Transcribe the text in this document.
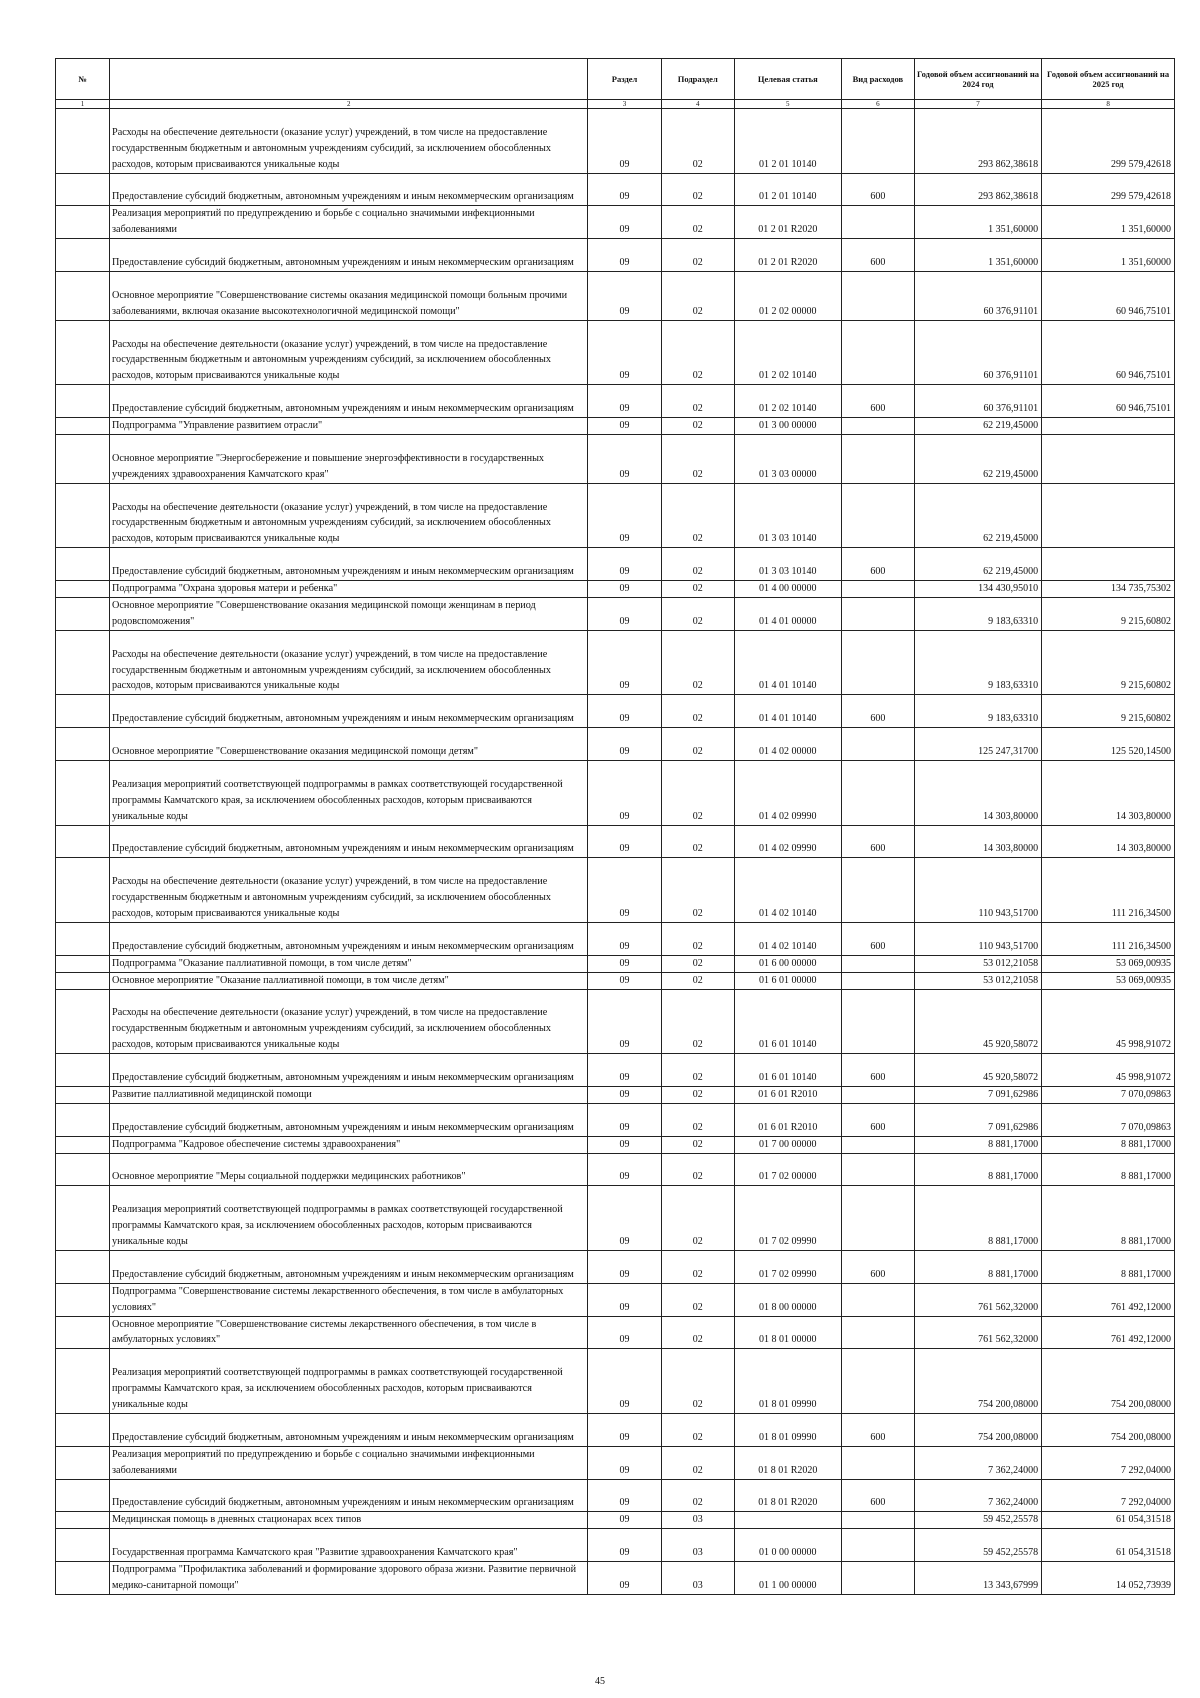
№		Раздел	Подраздел	Целевая статья	Вид расходов	Годовой объем ассигнований на 2024 год	Годовой объем ассигнований на 2025 год
1	2	3	4	5	6	7	8
	Расходы на обеспечение деятельности (оказание услуг) учреждений, в том числе на предоставление государственным бюджетным и автономным учреждениям субсидий, за исключением обособленных расходов, которым присваиваются уникальные коды	09	02	01 2 01 10140		293 862,38618	299 579,42618
	Предоставление субсидий бюджетным, автономным учреждениям и иным некоммерческим организациям	09	02	01 2 01 10140	600	293 862,38618	299 579,42618
	Реализация мероприятий по предупреждению и борьбе с социально значимыми инфекционными заболеваниями	09	02	01 2 01 R2020		1 351,60000	1 351,60000
	Предоставление субсидий бюджетным, автономным учреждениям и иным некоммерческим организациям	09	02	01 2 01 R2020	600	1 351,60000	1 351,60000
	Основное мероприятие "Совершенствование системы оказания медицинской помощи больным прочими заболеваниями, включая оказание высокотехнологичной медицинской помощи"	09	02	01 2 02 00000		60 376,91101	60 946,75101
	Расходы на обеспечение деятельности (оказание услуг) учреждений, в том числе на предоставление государственным бюджетным и автономным учреждениям субсидий, за исключением обособленных расходов, которым присваиваются уникальные коды	09	02	01 2 02 10140		60 376,91101	60 946,75101
	Предоставление субсидий бюджетным, автономным учреждениям и иным некоммерческим организациям	09	02	01 2 02 10140	600	60 376,91101	60 946,75101
	Подпрограмма "Управление развитием отрасли"	09	02	01 3 00 00000		62 219,45000	
	Основное мероприятие "Энергосбережение и повышение энергоэффективности в государственных учреждениях здравоохранения Камчатского края"	09	02	01 3 03 00000		62 219,45000	
	Расходы на обеспечение деятельности (оказание услуг) учреждений, в том числе на предоставление государственным бюджетным и автономным учреждениям субсидий, за исключением обособленных расходов, которым присваиваются уникальные коды	09	02	01 3 03 10140		62 219,45000	
	Предоставление субсидий бюджетным, автономным учреждениям и иным некоммерческим организациям	09	02	01 3 03 10140	600	62 219,45000	
	Подпрограмма "Охрана здоровья матери и ребенка"	09	02	01 4 00 00000		134 430,95010	134 735,75302
	Основное мероприятие "Совершенствование оказания медицинской помощи женщинам в период родовспоможения"	09	02	01 4 01 00000		9 183,63310	9 215,60802
	Расходы на обеспечение деятельности (оказание услуг) учреждений, в том числе на предоставление государственным бюджетным и автономным учреждениям субсидий, за исключением обособленных расходов, которым присваиваются уникальные коды	09	02	01 4 01 10140		9 183,63310	9 215,60802
	Предоставление субсидий бюджетным, автономным учреждениям и иным некоммерческим организациям	09	02	01 4 01 10140	600	9 183,63310	9 215,60802
	Основное мероприятие "Совершенствование оказания медицинской помощи детям"	09	02	01 4 02 00000		125 247,31700	125 520,14500
	Реализация мероприятий соответствующей подпрограммы в рамках соответствующей государственной программы Камчатского края, за исключением обособленных расходов, которым присваиваются уникальные коды	09	02	01 4 02 09990		14 303,80000	14 303,80000
	Предоставление субсидий бюджетным, автономным учреждениям и иным некоммерческим организациям	09	02	01 4 02 09990	600	14 303,80000	14 303,80000
	Расходы на обеспечение деятельности (оказание услуг) учреждений, в том числе на предоставление государственным бюджетным и автономным учреждениям субсидий, за исключением обособленных расходов, которым присваиваются уникальные коды	09	02	01 4 02 10140		110 943,51700	111 216,34500
	Предоставление субсидий бюджетным, автономным учреждениям и иным некоммерческим организациям	09	02	01 4 02 10140	600	110 943,51700	111 216,34500
	Подпрограмма "Оказание паллиативной помощи, в том числе детям"	09	02	01 6 00 00000		53 012,21058	53 069,00935
	Основное мероприятие "Оказание паллиативной помощи, в том числе детям"	09	02	01 6 01 00000		53 012,21058	53 069,00935
	Расходы на обеспечение деятельности (оказание услуг) учреждений, в том числе на предоставление государственным бюджетным и автономным учреждениям субсидий, за исключением обособленных расходов, которым присваиваются уникальные коды	09	02	01 6 01 10140		45 920,58072	45 998,91072
	Предоставление субсидий бюджетным, автономным учреждениям и иным некоммерческим организациям	09	02	01 6 01 10140	600	45 920,58072	45 998,91072
	Развитие паллиативной медицинской помощи	09	02	01 6 01 R2010		7 091,62986	7 070,09863
	Предоставление субсидий бюджетным, автономным учреждениям и иным некоммерческим организациям	09	02	01 6 01 R2010	600	7 091,62986	7 070,09863
	Подпрограмма "Кадровое обеспечение системы здравоохранения"	09	02	01 7 00 00000		8 881,17000	8 881,17000
	Основное мероприятие "Меры социальной поддержки медицинских работников"	09	02	01 7 02 00000		8 881,17000	8 881,17000
	Реализация мероприятий соответствующей подпрограммы в рамках соответствующей государственной программы Камчатского края, за исключением обособленных расходов, которым присваиваются уникальные коды	09	02	01 7 02 09990		8 881,17000	8 881,17000
	Предоставление субсидий бюджетным, автономным учреждениям и иным некоммерческим организациям	09	02	01 7 02 09990	600	8 881,17000	8 881,17000
	Подпрограмма "Совершенствование системы лекарственного обеспечения, в том числе в амбулаторных условиях"	09	02	01 8 00 00000		761 562,32000	761 492,12000
	Основное мероприятие "Совершенствование системы лекарственного обеспечения, в том числе в амбулаторных условиях"	09	02	01 8 01 00000		761 562,32000	761 492,12000
	Реализация мероприятий соответствующей подпрограммы в рамках соответствующей государственной программы Камчатского края, за исключением обособленных расходов, которым присваиваются уникальные коды	09	02	01 8 01 09990		754 200,08000	754 200,08000
	Предоставление субсидий бюджетным, автономным учреждениям и иным некоммерческим организациям	09	02	01 8 01 09990	600	754 200,08000	754 200,08000
	Реализация мероприятий по предупреждению и борьбе с социально значимыми инфекционными заболеваниями	09	02	01 8 01 R2020		7 362,24000	7 292,04000
	Предоставление субсидий бюджетным, автономным учреждениям и иным некоммерческим организациям	09	02	01 8 01 R2020	600	7 362,24000	7 292,04000
	Медицинская помощь в дневных стационарах всех типов	09	03			59 452,25578	61 054,31518
	Государственная программа Камчатского края "Развитие здравоохранения Камчатского края"	09	03	01 0 00 00000		59 452,25578	61 054,31518
	Подпрограмма "Профилактика заболеваний и формирование здорового образа жизни. Развитие первичной медико-санитарной помощи"	09	03	01 1 00 00000		13 343,67999	14 052,73939
45
